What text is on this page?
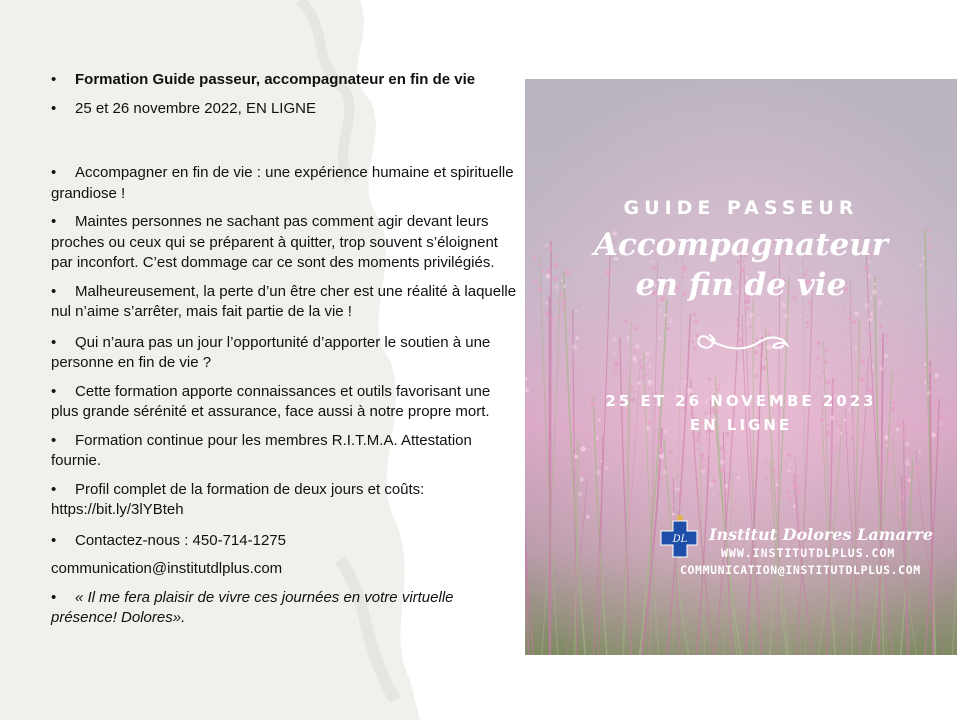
• Formation Guide passeur, accompagnateur en fin de vie

• 25 et 26 novembre 2022, EN LIGNE

• Accompagner en fin de vie : une expérience humaine et spirituelle grandiose !

• Maintes personnes ne sachant pas comment agir devant leurs proches ou ceux qui se préparent à quitter, trop souvent s’éloignent par inconfort. C’est dommage car ce sont des moments privilégiés.

• Malheureusement, la perte d’un être cher est une réalité à laquelle nul n’aime s’arrêter, mais fait partie de la vie !

• Qui n’aura pas un jour l’opportunité d’apporter le soutien à une personne en fin de vie ?

• Cette formation apporte connaissances et outils favorisant une plus grande sérénité et assurance, face aussi à notre propre mort.

• Formation continue pour les membres R.I.T.M.A. Attestation fournie.

• Profil complet de la formation de deux jours et coûts: https://bit.ly/3lYBteh

• Contactez-nous : 450-714-1275

communication@institutdlplus.com

• « Il me fera plaisir de vivre ces journées en votre virtuelle présence! Dolores».

GUIDE PASSEUR
Accompagnateur
en fin de vie
25 ET 26 NOVEMBE 2023
EN LIGNE
DL Institut Dolores Lamarre
WWW.INSTITUTDLPLUS.COM
COMMUNICATION@INSTITUTDLPLUS.COM
